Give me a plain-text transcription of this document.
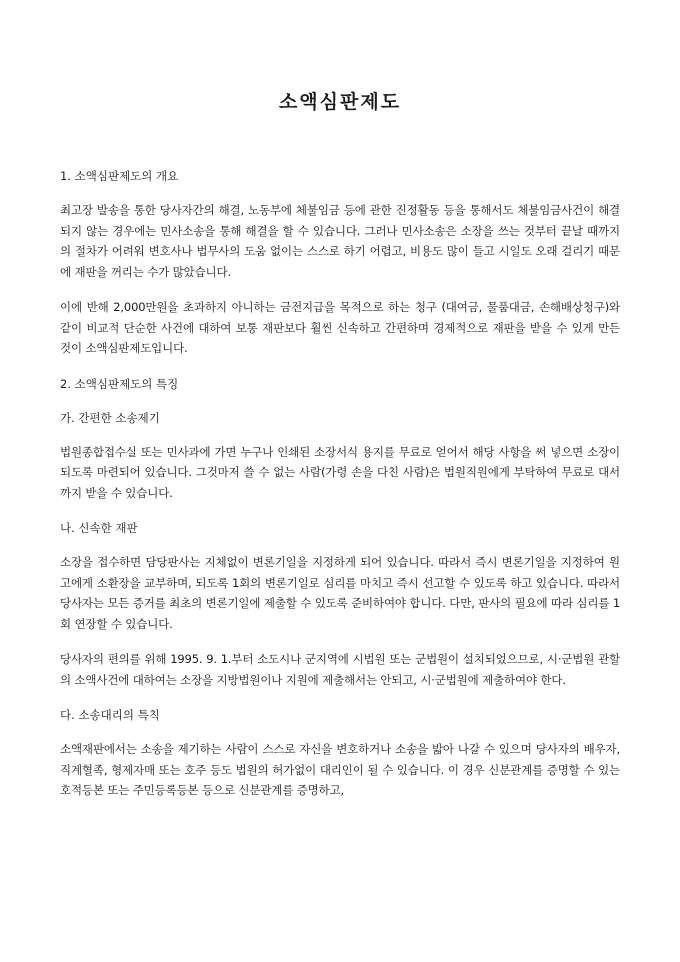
소액심판제도

1. 소액심판제도의 개요

최고장 발송을 통한 당사자간의 해결, 노동부에 체불임금 등에 관한 진정활동 등을 통해서도 체불임금사건이 해결되지 않는 경우에는 민사소송을 통해 해결을 할 수 있습니다. 그러나 민사소송은 소장을 쓰는 것부터 끝날 때까지의 절차가 어려워 변호사나 법무사의 도움 없이는 스스로 하기 어렵고, 비용도 많이 들고 시일도 오래 걸리기 때문에 재판을 꺼리는 수가 많았습니다.

이에 반해 2,000만원을 초과하지 아니하는 금전지급을 목적으로 하는 청구 (대여금, 물품대금, 손해배상청구)와 같이 비교적 단순한 사건에 대하여 보통 재판보다 훨씬 신속하고 간편하며 경제적으로 재판을 받을 수 있게 만든 것이 소액심판제도입니다.

2. 소액심판제도의 특징

가. 간편한 소송제기

법원종합접수실 또는 민사과에 가면 누구나 인쇄된 소장서식 용지를 무료로 얻어서 해당 사항을 써 넣으면 소장이 되도록 마련되어 있습니다. 그것마저 쓸 수 없는 사람(가령 손을 다친 사람)은 법원직원에게 부탁하여 무료로 대서까지 받을 수 있습니다.

나. 신속한 재판

소장을 접수하면 담당판사는 지체없이 변론기일을 지정하게 되어 있습니다. 따라서 즉시 변론기일을 지정하여 원고에게 소환장을 교부하며, 되도록 1회의 변론기일로 심리를 마치고 즉시 선고할 수 있도록 하고 있습니다. 따라서 당사자는 모든 증거를 최초의 변론기일에 제출할 수 있도록 준비하여야 합니다. 다만, 판사의 필요에 따라 심리를 1회 연장할 수 있습니다.

당사자의 편의를 위해 1995. 9. 1.부터 소도시나 군지역에 시법원 또는 군법원이 설치되었으므로, 시·군법원 관할의 소액사건에 대하여는 소장을 지방법원이나 지원에 제출해서는 안되고, 시·군법원에 제출하여야 한다.

다. 소송대리의 특칙

소액재판에서는 소송을 제기하는 사람이 스스로 자신을 변호하거나 소송을 밟아 나갈 수 있으며 당사자의 배우자, 직계혈족, 형제자매 또는 호주 등도 법원의 허가없이 대리인이 될 수 있습니다. 이 경우 신분관계를 증명할 수 있는 호적등본 또는 주민등록등본 등으로 신분관계를 증명하고,
